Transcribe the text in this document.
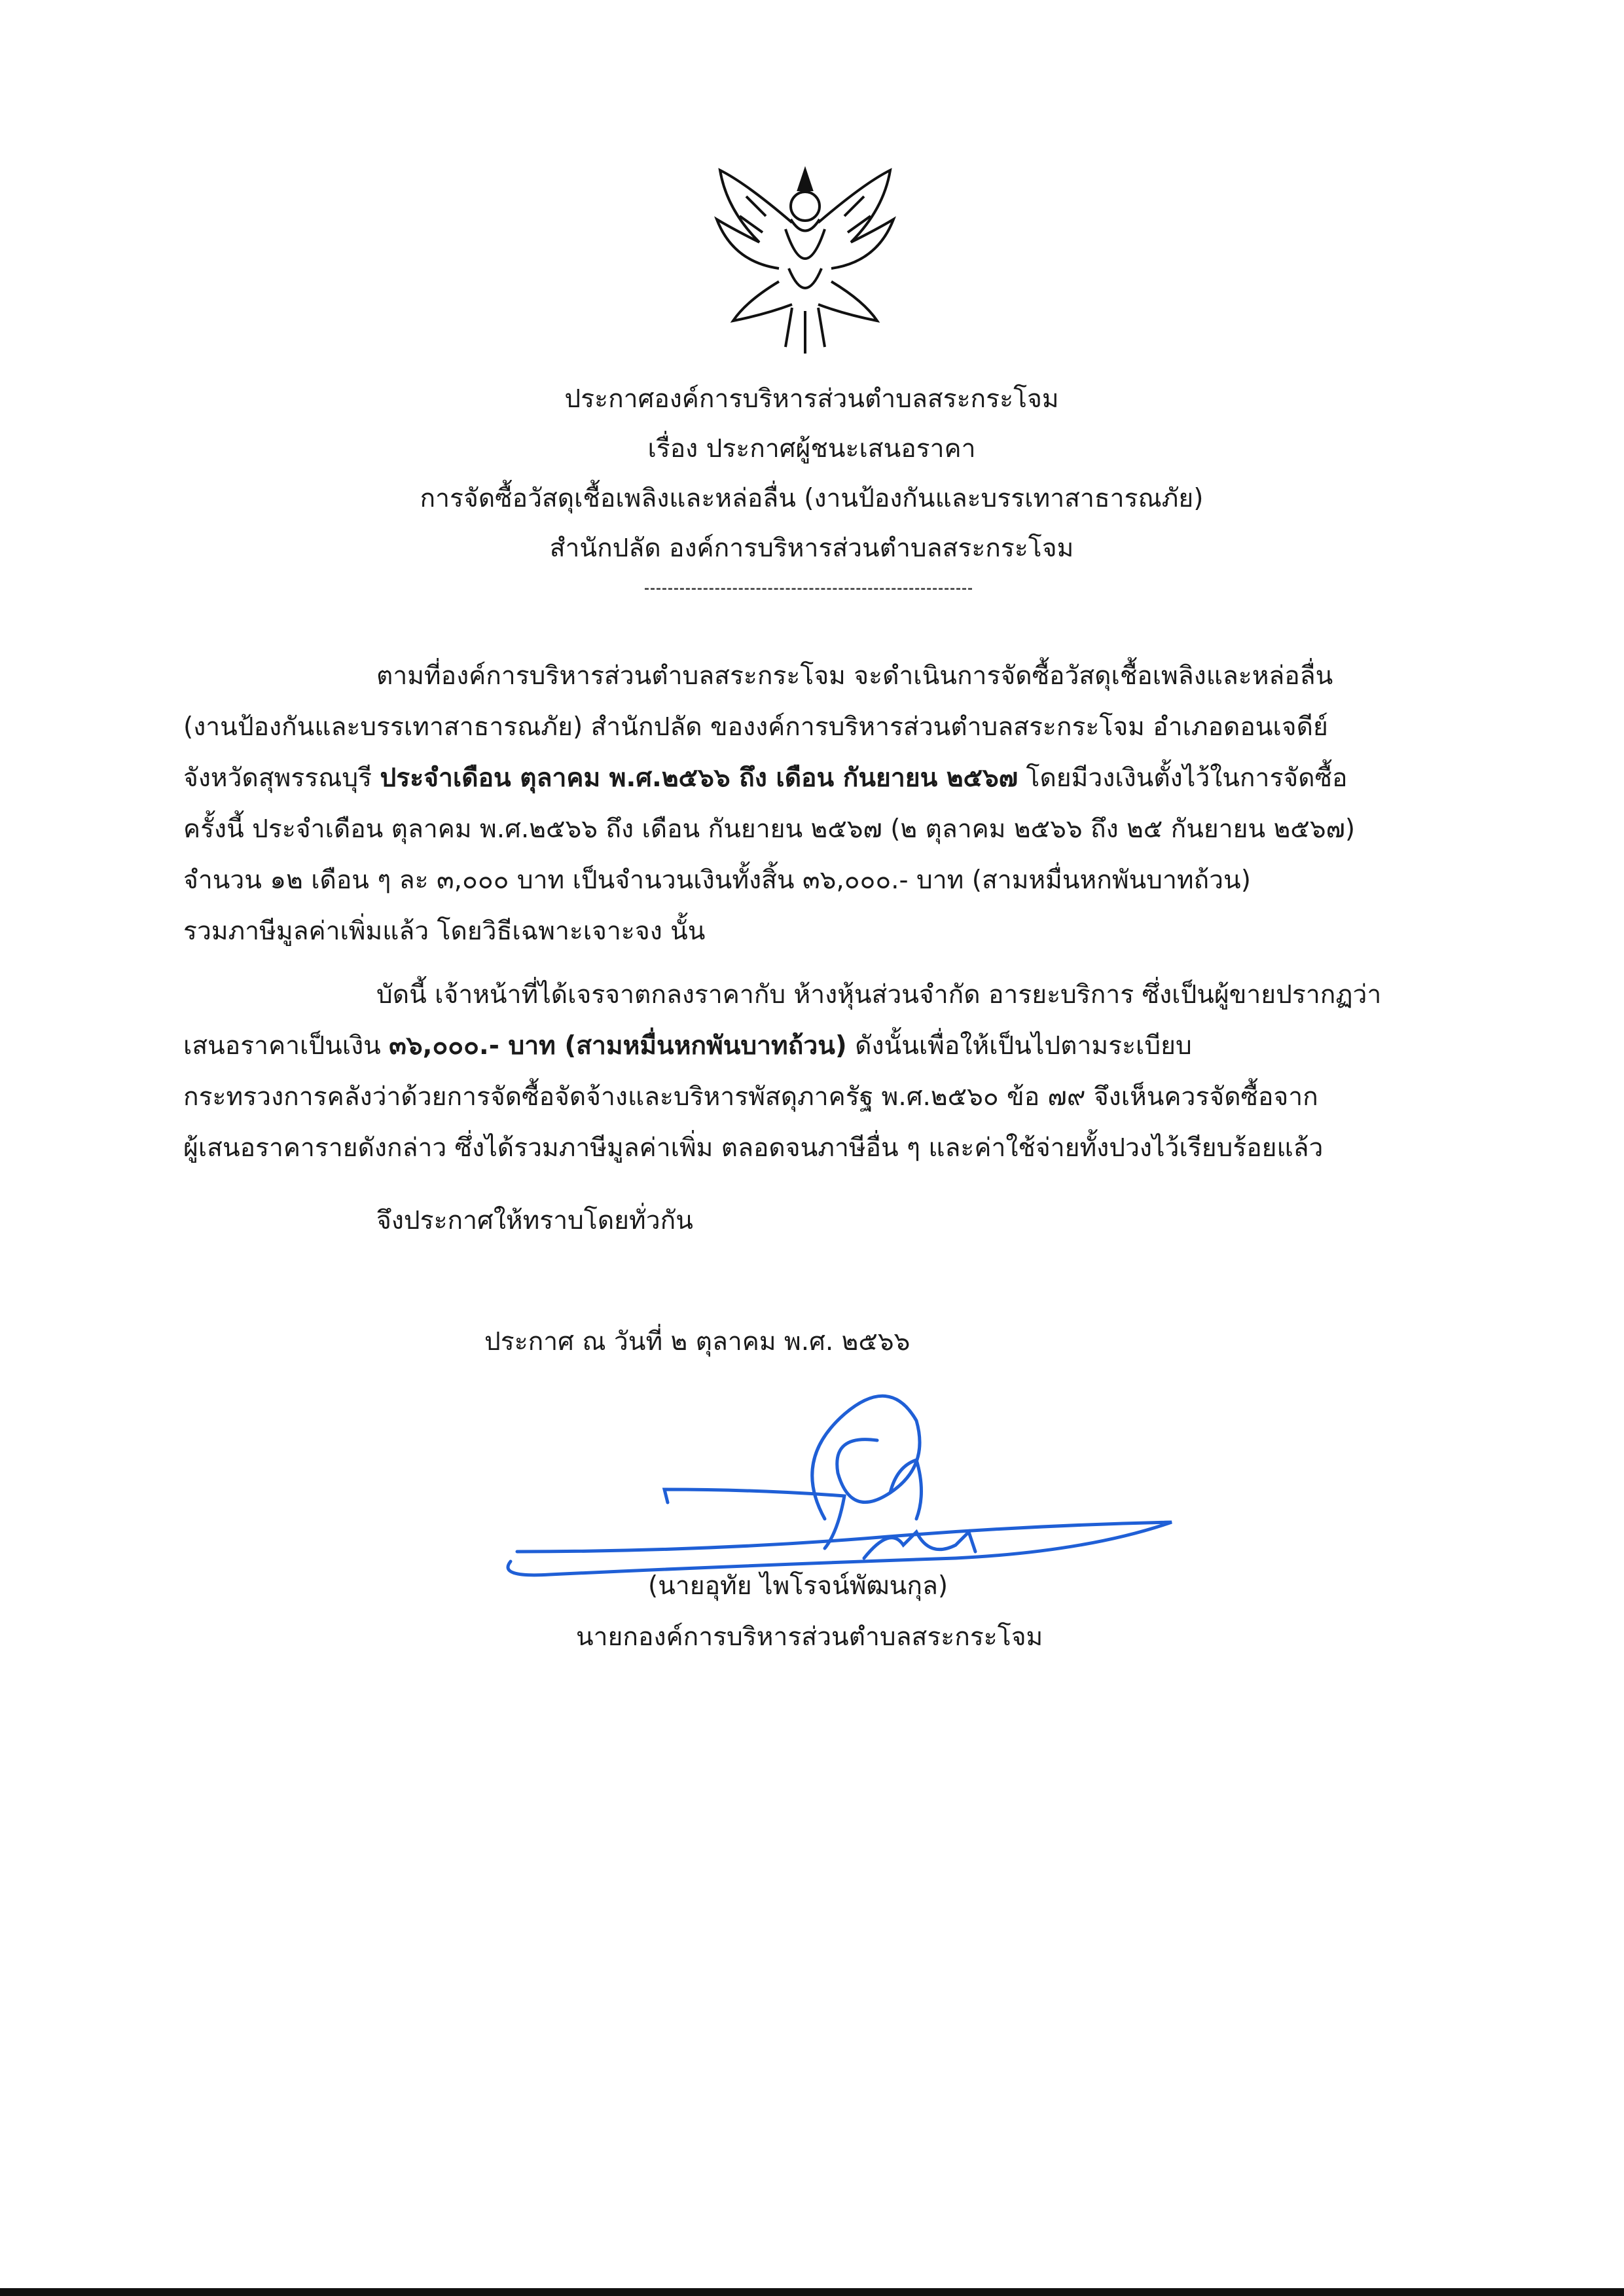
ประกาศองค์การบริหารส่วนตำบลสระกระโจม
เรื่อง ประกาศผู้ชนะเสนอราคา
การจัดซื้อวัสดุเชื้อเพลิงและหล่อลื่น (งานป้องกันและบรรเทาสาธารณภัย)
สำนักปลัด องค์การบริหารส่วนตำบลสระกระโจม
ตามที่องค์การบริหารส่วนตำบลสระกระโจม จะดำเนินการจัดซื้อวัสดุเชื้อเพลิงและหล่อลื่น
(งานป้องกันและบรรเทาสาธารณภัย) สำนักปลัด ของงค์การบริหารส่วนตำบลสระกระโจม อำเภอดอนเจดีย์
จังหวัดสุพรรณบุรี ประจำเดือน ตุลาคม พ.ศ.๒๕๖๖ ถึง เดือน กันยายน ๒๕๖๗ โดยมีวงเงินตั้งไว้ในการจัดซื้อ
ครั้งนี้ ประจำเดือน ตุลาคม พ.ศ.๒๕๖๖ ถึง เดือน กันยายน ๒๕๖๗ (๒ ตุลาคม ๒๕๖๖ ถึง ๒๕ กันยายน ๒๕๖๗)
จำนวน ๑๒ เดือน ๆ ละ ๓,๐๐๐ บาท เป็นจำนวนเงินทั้งสิ้น ๓๖,๐๐๐.- บาท (สามหมื่นหกพันบาทถ้วน)
รวมภาษีมูลค่าเพิ่มแล้ว โดยวิธีเฉพาะเจาะจง นั้น
บัดนี้ เจ้าหน้าที่ได้เจรจาตกลงราคากับ ห้างหุ้นส่วนจำกัด อารยะบริการ ซึ่งเป็นผู้ขายปรากฏว่า
เสนอราคาเป็นเงิน ๓๖,๐๐๐.- บาท (สามหมื่นหกพันบาทถ้วน) ดังนั้นเพื่อให้เป็นไปตามระเบียบ
กระทรวงการคลังว่าด้วยการจัดซื้อจัดจ้างและบริหารพัสดุภาครัฐ พ.ศ.๒๕๖๐ ข้อ ๗๙ จึงเห็นควรจัดซื้อจาก
ผู้เสนอราคารายดังกล่าว ซึ่งได้รวมภาษีมูลค่าเพิ่ม ตลอดจนภาษีอื่น ๆ และค่าใช้จ่ายทั้งปวงไว้เรียบร้อยแล้ว
จึงประกาศให้ทราบโดยทั่วกัน
ประกาศ ณ วันที่ ๒ ตุลาคม พ.ศ. ๒๕๖๖
(นายอุทัย ไพโรจน์พัฒนกุล)
นายกองค์การบริหารส่วนตำบลสระกระโจม
